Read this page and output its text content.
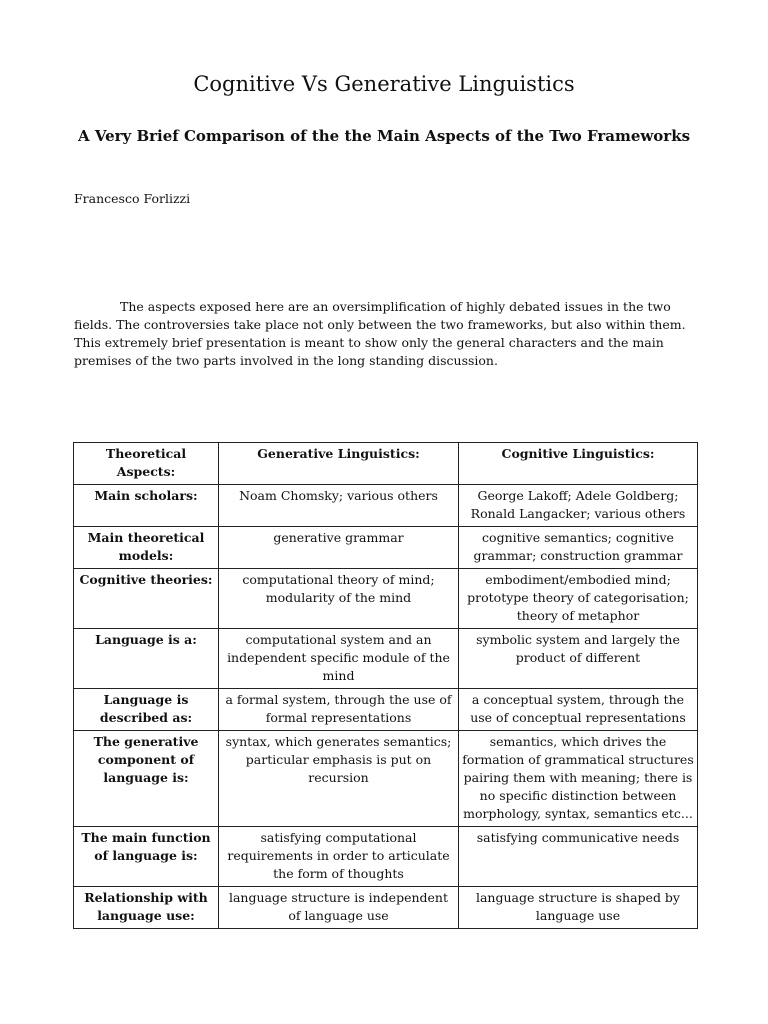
Cognitive Vs Generative Linguistics
A Very Brief Comparison of the the Main Aspects of the Two Frameworks

Francesco Forlizzi

The aspects exposed here are an oversimplification of highly debated issues in the two fields. The controversies take place not only between the two frameworks, but also within them. This extremely brief presentation is meant to show only the general characters and the main premises of the two parts involved in the long standing discussion.

Theoretical Aspects:	Generative Linguistics:	Cognitive Linguistics:
Main scholars:	Noam Chomsky; various others	George Lakoff; Adele Goldberg; Ronald Langacker; various others
Main theoretical models:	generative grammar	cognitive semantics; cognitive grammar; construction grammar
Cognitive theories:	computational theory of mind; modularity of the mind	embodiment/embodied mind; prototype theory of categorisation; theory of metaphor
Language is a:	computational system and an independent specific module of the mind	symbolic system and largely the product of different
Language is described as:	a formal system, through the use of formal representations	a conceptual system, through the use of conceptual representations
The generative component of language is:	syntax, which generates semantics; particular emphasis is put on recursion	semantics, which drives the formation of grammatical structures pairing them with meaning; there is no specific distinction between morphology, syntax, semantics etc...
The main function of language is:	satisfying computational requirements in order to articulate the form of thoughts	satisfying communicative needs
Relationship with language use:	language structure is independent of language use	language structure is shaped by language use
